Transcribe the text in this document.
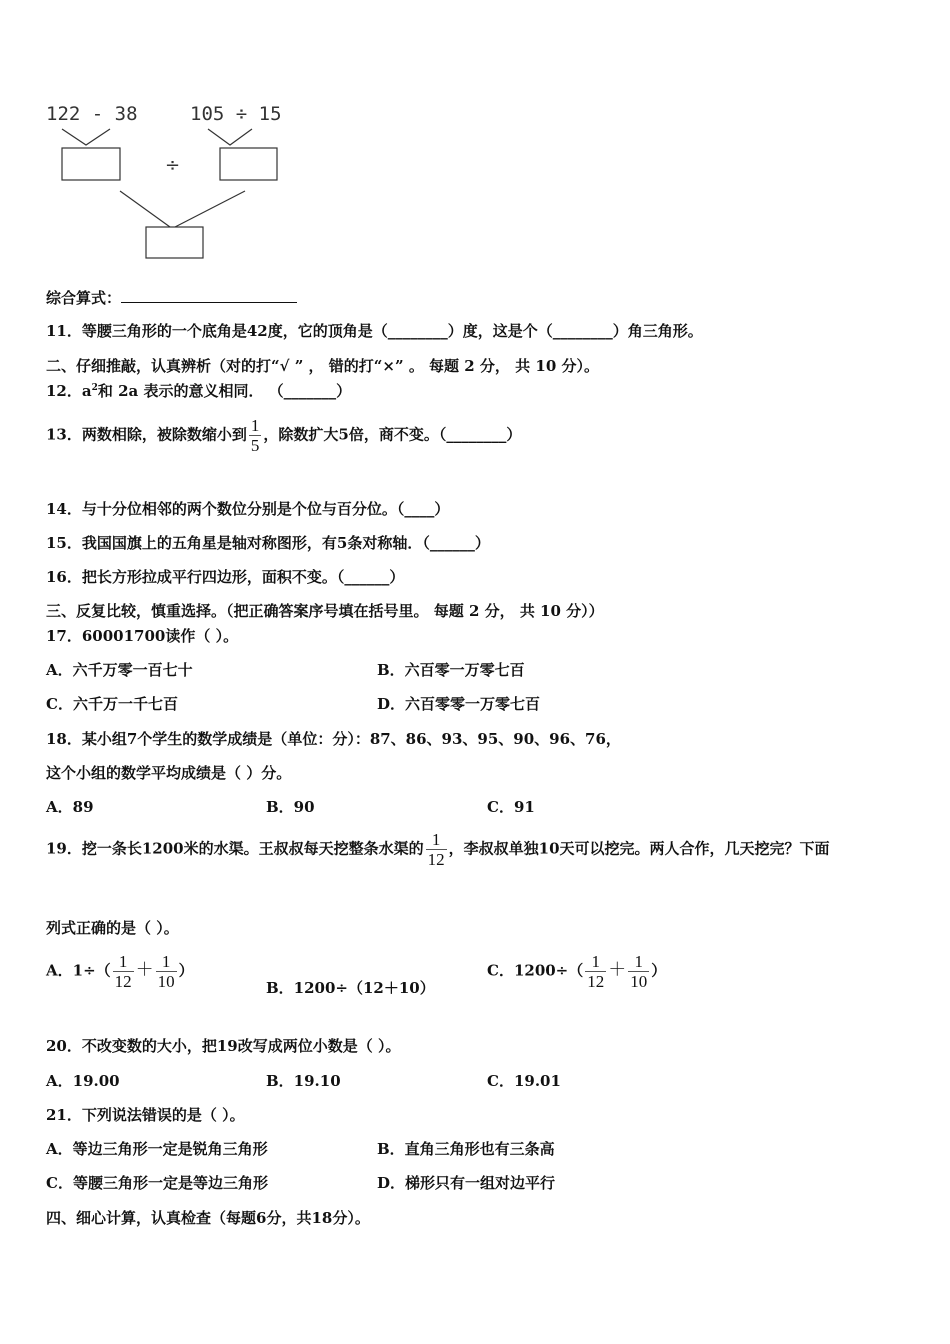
122 - 38	105 ÷ 15
÷
综合算式：
11．等腰三角形的一个底角是42度，它的顶角是（________）度，这是个（________）角三角形。
二、仔细推敲，认真辨析（对的打“√ ” ， 错的打“×” 。 每题 2 分， 共 10 分）。
12．$a^2$和 2a 表示的意义相同． （_______）
13．两数相除，被除数缩小到 $\frac{1}{5}$ ，除数扩大5倍，商不变。（________）
14．与十分位相邻的两个数位分别是个位与百分位。（____）
15．我国国旗上的五角星是轴对称图形，有5条对称轴．（______）
16．把长方形拉成平行四边形，面积不变。（______）
三、反复比较，慎重选择。（把正确答案序号填在括号里。 每题 2 分， 共 10 分））
17．60001700读作（ ）。
A．六千万零一百七十	B．六百零一万零七百
C．六千万一千七百	D．六百零零一万零七百
18．某小组7个学生的数学成绩是（单位：分）：87、86、93、95、90、96、76，
这个小组的数学平均成绩是（ ）分。
A．89	B．90	C．91
19．挖一条长1200米的水渠。王叔叔每天挖整条水渠的 $\frac{1}{12}$ ，李叔叔单独10天可以挖完。两人合作，几天挖完？下面
列式正确的是（ ）。
A．$1\div( \frac{1}{12} + \frac{1}{10}$ ）
B．1200÷（12＋10）
C．$1200\div( \frac{1}{12} + \frac{1}{10}$ ）
20．不改变数的大小，把19改写成两位小数是（ ）。
A．19.00	B．19.10	C．19.01
21．下列说法错误的是（ ）。
A．等边三角形一定是锐角三角形	B．直角三角形也有三条高
C．等腰三角形一定是等边三角形	D．梯形只有一组对边平行
四、细心计算，认真检查（每题6分，共18分）。
